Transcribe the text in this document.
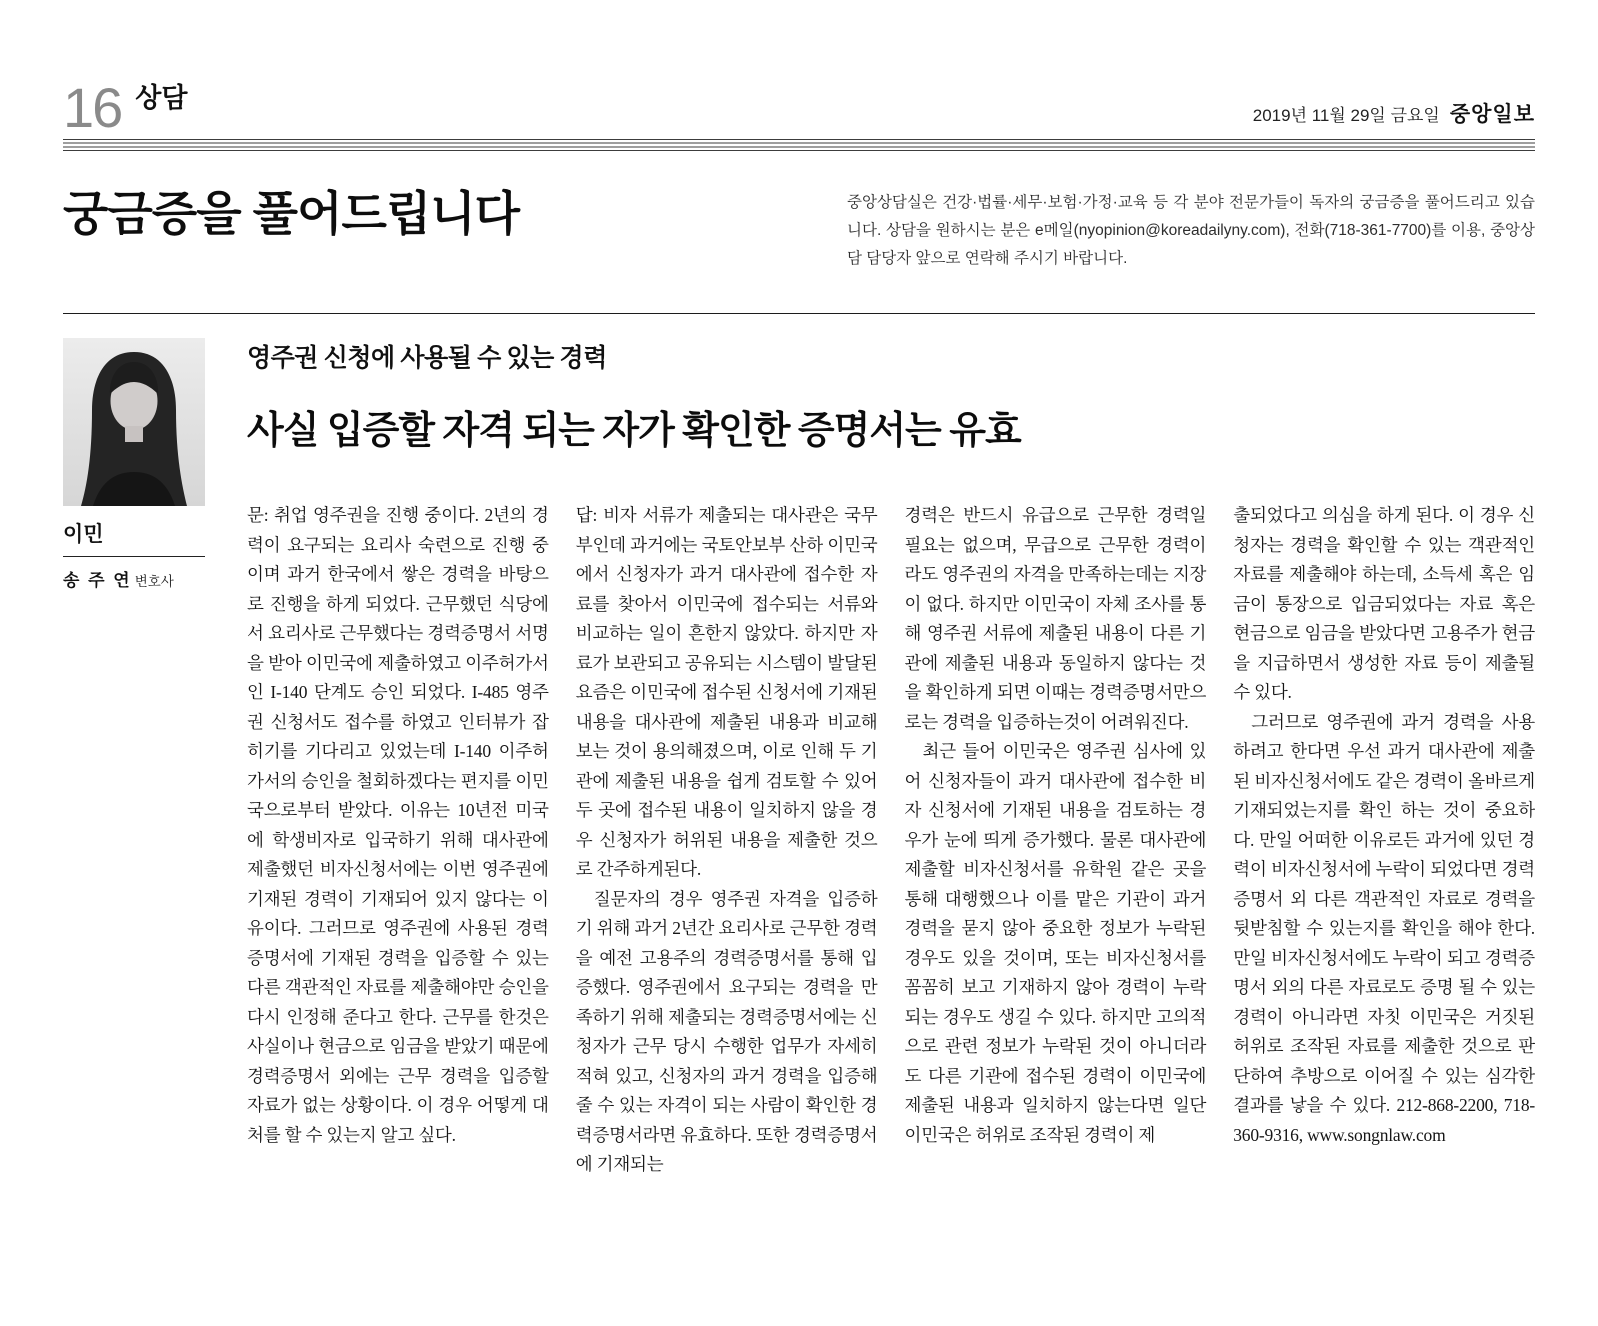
16 상담
2019년 11월 29일 금요일 중앙일보
궁금증을 풀어드립니다	중앙상담실은 건강·법률·세무·보험·가정·교육 등 각 분야 전문가들이 독자의 궁금증을 풀어드리고 있습니다. 상담을 원하시는 분은 e메일(nyopinion@koreadailyny.com), 전화(718-361-7700)를 이용, 중앙상담 담당자 앞으로 연락해 주시기 바랍니다.
이민
송 주 연 변호사
영주권 신청에 사용될 수 있는 경력
사실 입증할 자격 되는 자가 확인한 증명서는 유효

문: 취업 영주권을 진행 중이다. 2년의 경력이 요구되는 요리사 숙련으로 진행 중이며 과거 한국에서 쌓은 경력을 바탕으로 진행을 하게 되었다. 근무했던 식당에서 요리사로 근무했다는 경력증명서 서명을 받아 이민국에 제출하였고 이주허가서인 I-140 단계도 승인 되었다. I-485 영주권 신청서도 접수를 하였고 인터뷰가 잡히기를 기다리고 있었는데 I-140 이주허가서의 승인을 철회하겠다는 편지를 이민국으로부터 받았다. 이유는 10년전 미국에 학생비자로 입국하기 위해 대사관에 제출했던 비자신청서에는 이번 영주권에 기재된 경력이 기재되어 있지 않다는 이유이다. 그러므로 영주권에 사용된 경력증명서에 기재된 경력을 입증할 수 있는 다른 객관적인 자료를 제출해야만 승인을 다시 인정해 준다고 한다. 근무를 한것은 사실이나 현금으로 임금을 받았기 때문에 경력증명서 외에는 근무 경력을 입증할 자료가 없는 상황이다. 이 경우 어떻게 대처를 할 수 있는지 알고 싶다.

답: 비자 서류가 제출되는 대사관은 국무부인데 과거에는 국토안보부 산하 이민국에서 신청자가 과거 대사관에 접수한 자료를 찾아서 이민국에 접수되는 서류와 비교하는 일이 흔한지 않았다. 하지만 자료가 보관되고 공유되는 시스템이 발달된 요즘은 이민국에 접수된 신청서에 기재된 내용을 대사관에 제출된 내용과 비교해 보는 것이 용의해졌으며, 이로 인해 두 기관에 제출된 내용을 쉽게 검토할 수 있어 두 곳에 접수된 내용이 일치하지 않을 경우 신청자가 허위된 내용을 제출한 것으로 간주하게된다.

질문자의 경우 영주권 자격을 입증하기 위해 과거 2년간 요리사로 근무한 경력을 예전 고용주의 경력증명서를 통해 입증했다. 영주권에서 요구되는 경력을 만족하기 위해 제출되는 경력증명서에는 신청자가 근무 당시 수행한 업무가 자세히 적혀 있고, 신청자의 과거 경력을 입증해 줄 수 있는 자격이 되는 사람이 확인한 경력증명서라면 유효하다. 또한 경력증명서에 기재되는

경력은 반드시 유급으로 근무한 경력일 필요는 없으며, 무급으로 근무한 경력이라도 영주권의 자격을 만족하는데는 지장이 없다. 하지만 이민국이 자체 조사를 통해 영주권 서류에 제출된 내용이 다른 기관에 제출된 내용과 동일하지 않다는 것을 확인하게 되면 이때는 경력증명서만으로는 경력을 입증하는것이 어려워진다.

최근 들어 이민국은 영주권 심사에 있어 신청자들이 과거 대사관에 접수한 비자 신청서에 기재된 내용을 검토하는 경우가 눈에 띄게 증가했다. 물론 대사관에 제출할 비자신청서를 유학원 같은 곳을 통해 대행했으나 이를 맡은 기관이 과거 경력을 묻지 않아 중요한 정보가 누락된 경우도 있을 것이며, 또는 비자신청서를 꼼꼼히 보고 기재하지 않아 경력이 누락되는 경우도 생길 수 있다. 하지만 고의적으로 관련 정보가 누락된 것이 아니더라도 다른 기관에 접수된 경력이 이민국에 제출된 내용과 일치하지 않는다면 일단 이민국은 허위로 조작된 경력이 제

출되었다고 의심을 하게 된다. 이 경우 신청자는 경력을 확인할 수 있는 객관적인 자료를 제출해야 하는데, 소득세 혹은 임금이 통장으로 입금되었다는 자료 혹은 현금으로 임금을 받았다면 고용주가 현금을 지급하면서 생성한 자료 등이 제출될 수 있다.

그러므로 영주권에 과거 경력을 사용하려고 한다면 우선 과거 대사관에 제출된 비자신청서에도 같은 경력이 올바르게 기재되었는지를 확인 하는 것이 중요하다. 만일 어떠한 이유로든 과거에 있던 경력이 비자신청서에 누락이 되었다면 경력증명서 외 다른 객관적인 자료로 경력을 뒷받침할 수 있는지를 확인을 해야 한다. 만일 비자신청서에도 누락이 되고 경력증명서 외의 다른 자료로도 증명 될 수 있는 경력이 아니라면 자칫 이민국은 거짓된 허위로 조작된 자료를 제출한 것으로 판단하여 추방으로 이어질 수 있는 심각한 결과를 낳을 수 있다. 212-868-2200, 718-360-9316, www.songnlaw.com
